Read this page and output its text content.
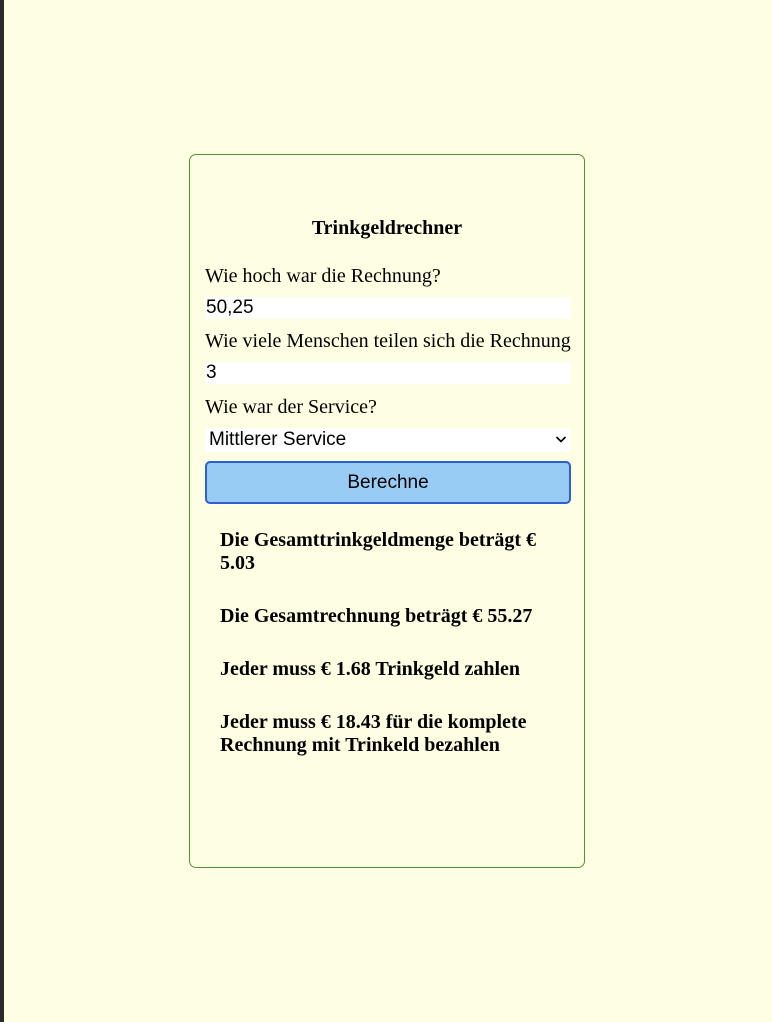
Trinkgeldrechner
Wie hoch war die Rechnung?
50,25
Wie viele Menschen teilen sich die Rechnung
3
Wie war der Service?
Mittlerer Service
Berechne
Die Gesamttrinkgeldmenge beträgt € 5.03
Die Gesamtrechnung beträgt € 55.27
Jeder muss € 1.68 Trinkgeld zahlen
Jeder muss € 18.43 für die komplete Rechnung mit Trinkeld bezahlen
